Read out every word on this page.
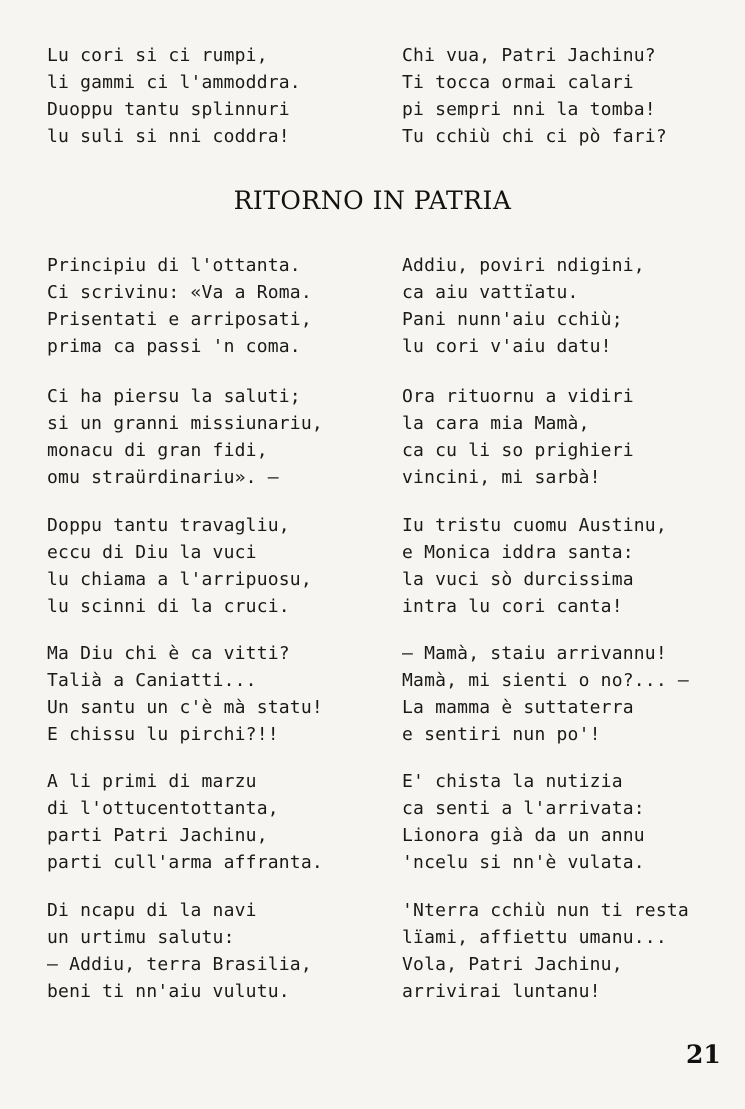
Lu cori si ci rumpi,
li gammi ci l'ammoddra.
Duoppu tantu splinnuri
lu suli si nni coddra!
Chi vua, Patri Jachinu?
Ti tocca ormai calari
pi sempri nni la tomba!
Tu cchiù chi ci pò fari?
RITORNO IN PATRIA
Principiu di l'ottanta.
Ci scrivinu: «Va a Roma.
Prisentati e arriposati,
prima ca passi 'n coma.
Ci ha piersu la saluti;
si un granni missiunariu,
monacu di gran fidi,
omu straürdinariu». —
Doppu tantu travagliu,
eccu di Diu la vuci
lu chiama a l'arripuosu,
lu scinni di la cruci.
Ma Diu chi è ca vitti?
Talià a Caniatti...
Un santu un c'è mà statu!
E chissu lu pirchi?!!
A li primi di marzu
di l'ottucentottanta,
parti Patri Jachinu,
parti cull'arma affranta.
Di ncapu di la navi
un urtimu salutu:
— Addiu, terra Brasilia,
beni ti nn'aiu vulutu.
Addiu, poviri ndigini,
ca aiu vattïatu.
Pani nunn'aiu cchiù;
lu cori v'aiu datu!
Ora rituornu a vidiri
la cara mia Mamà,
ca cu li so prighieri
vincini, mi sarbà!
Iu tristu cuomu Austinu,
e Monica iddra santa:
la vuci sò durcissima
intra lu cori canta!
— Mamà, staiu arrivannu!
Mamà, mi sienti o no?... —
La mamma è suttaterra
e sentiri nun po'!
E' chista la nutizia
ca senti a l'arrivata:
Lionora già da un annu
'ncelu si nn'è vulata.
'Nterra cchiù nun ti resta
lïami, affiettu umanu...
Vola, Patri Jachinu,
arrivirai luntanu!
21
